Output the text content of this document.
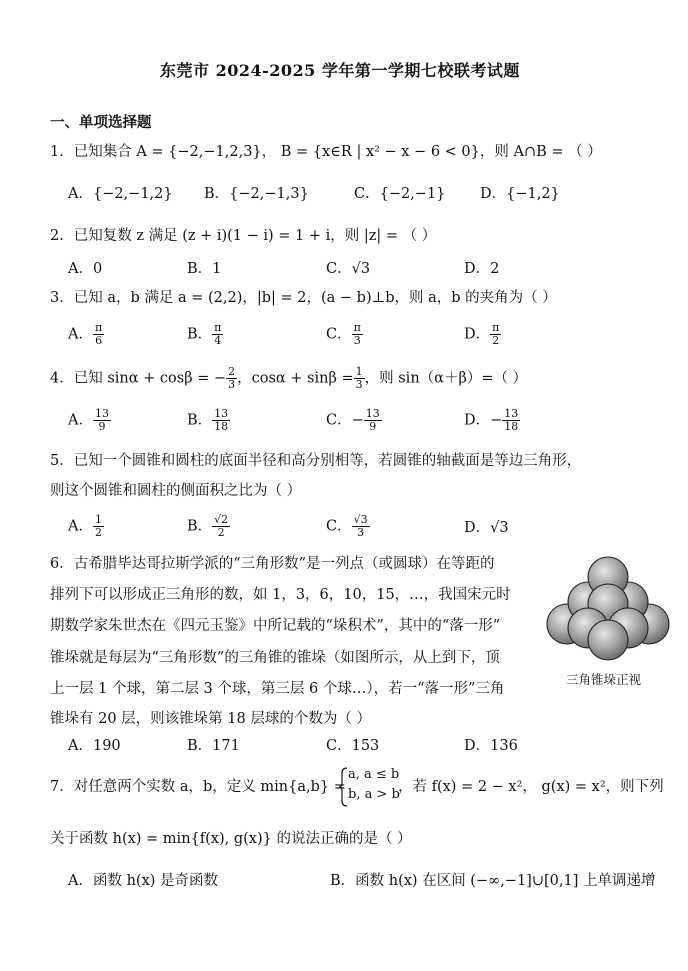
东莞市 2024-2025 学年第一学期七校联考试题
一、单项选择题
1．已知集合 A = {−2,−1,2,3}， B = {x∈R | x² − x − 6 < 0}，则 A∩B = （ ）
A．{−2,−1,2} B．{−2,−1,3}	C．{−2,−1} D．{−1,2}
2．已知复数 z 满足 (z + i)(1 − i) = 1 + i，则 |z| = （ ）
A．0	B．1	C．√3	D．2
3．已知 a，b 满足 a = (2,2)，|b| = 2，(a − b)⊥b，则 a，b 的夹角为（ ）
A． $\frac{\pi}{6}$	B． $\frac{\pi}{4}$	C． $\frac{\pi}{3}$	D． $\frac{\pi}{2}$
4．已知 sinα + cosβ = − $\frac{2}{3}$ ，$\cos\alpha + \sin\beta = \frac{1}{3}$ ，则 sin（α＋β）=（ ）
A． $\frac{13}{9}$	B． $\frac{13}{18}$	C．− $\frac{13}{9}$	D．− $\frac{13}{18}$
5．已知一个圆锥和圆柱的底面半径和高分别相等，若圆锥的轴截面是等边三角形，
则这个圆锥和圆柱的侧面积之比为（ ）
A． $\frac{1}{2}$	B． $\frac{√2}{2}$	C． $\frac{√3}{3}$	D．√3
6．古希腊毕达哥拉斯学派的“三角形数”是一列点（或圆球）在等距的
排列下可以形成正三角形的数，如 1，3，6，10，15，…，我国宋元时
期数学家朱世杰在《四元玉鉴》中所记载的“垛积术”，其中的“落一形”
锥垛就是每层为“三角形数”的三角锥的锥垛（如图所示，从上到下，顶
上一层 1 个球，第二层 3 个球，第三层 6 个球…），若一“落一形”三角
锥垛有 20 层，则该锥垛第 18 层球的个数为（ ）
A．190	B．171	C．153	D．136
三角锥垛正视
7．对任意两个实数 a，b，定义 min{a,b} =
a, a ≤ b
b, a > b
，若 f(x) = 2 − x²， g(x) = x²，则下列
关于函数 h(x) = min{f(x), g(x)} 的说法正确的是（ ）
A．函数 h(x) 是奇函数	B．函数 h(x) 在区间 (−∞,−1]∪[0,1] 上单调递增
